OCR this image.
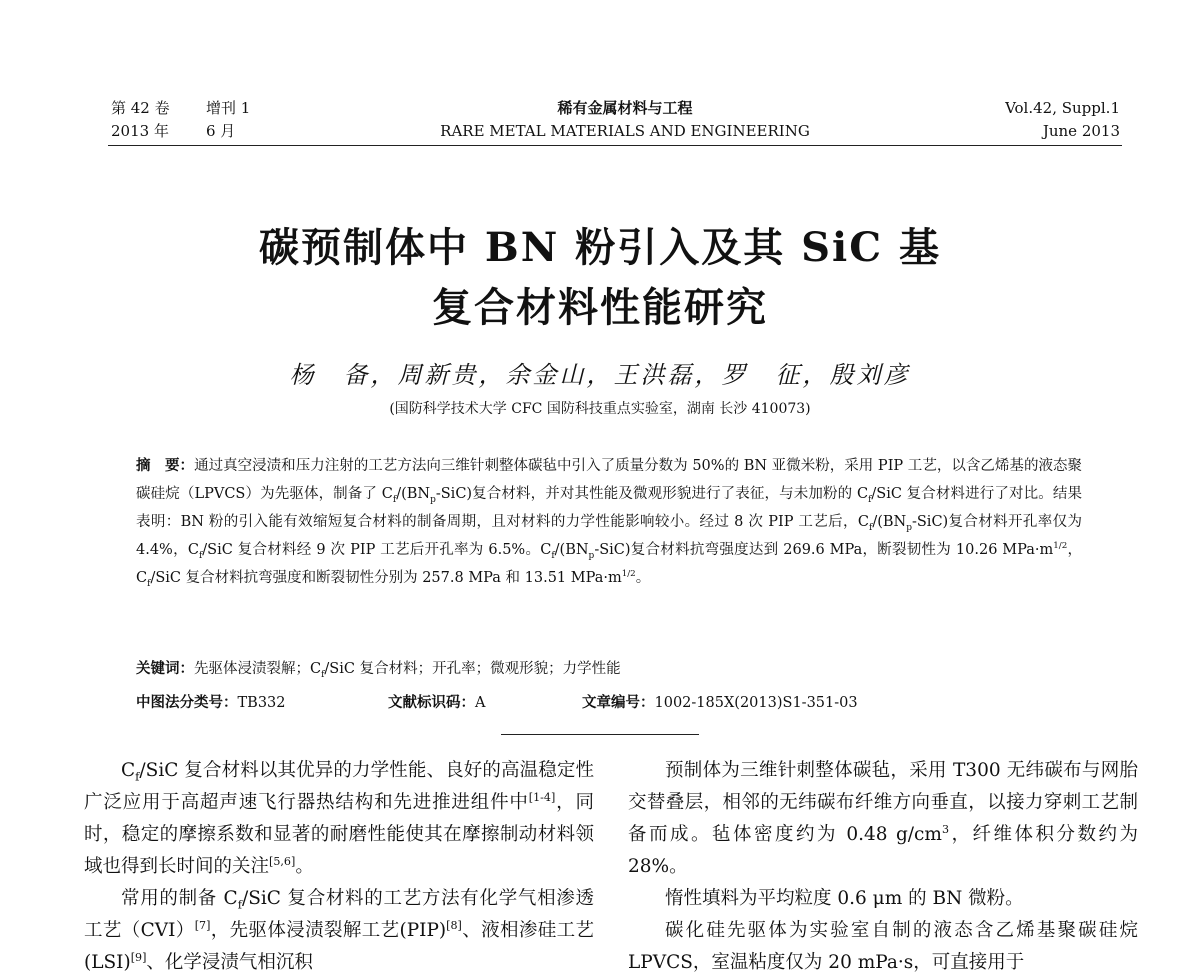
第 42 卷 增刊 1
2013 年 6 月
稀有金属材料与工程
RARE METAL MATERIALS AND ENGINEERING
Vol.42, Suppl.1
June 2013
碳预制体中 BN 粉引入及其 SiC 基
复合材料性能研究
杨　备，周新贵，余金山，王洪磊，罗　征，殷刘彦
(国防科学技术大学 CFC 国防科技重点实验室，湖南 长沙 410073)

摘　要：通过真空浸渍和压力注射的工艺方法向三维针刺整体碳毡中引入了质量分数为 50%的 BN 亚微米粉，采用 PIP 工艺，以含乙烯基的液态聚碳硅烷（LPVCS）为先驱体，制备了 $C_f/(BN_p-SiC)$复合材料，并对其性能及微观形貌进行了表征，与未加粉的 $C_f$/SiC 复合材料进行了对比。结果表明：BN 粉的引入能有效缩短复合材料的制备周期，且对材料的力学性能影响较小。经过 8 次 PIP 工艺后，$C_f/(BN_p-SiC)$复合材料开孔率仅为 4.4%，$C_f$/SiC 复合材料经 9 次 PIP 工艺后开孔率为 6.5%。$C_f/(BN_p-SiC)$复合材料抗弯强度达到 269.6 MPa，断裂韧性为 10.26 $MPa\cdot m^{1/2}$，$C_f$/SiC 复合材料抗弯强度和断裂韧性分别为 257.8 MPa 和 13.51 $MPa\cdot m^{1/2}$。

关键词：先驱体浸渍裂解；$C_f$/SiC 复合材料；开孔率；微观形貌；力学性能

中图法分类号：TB332	文献标识码：A	文章编号：1002-185X(2013)S1-351-03

$C_f$/SiC 复合材料以其优异的力学性能、良好的高温稳定性广泛应用于高超声速飞行器热结构和先进推进组件中[1-4]，同时，稳定的摩擦系数和显著的耐磨性能使其在摩擦制动材料领域也得到长时间的关注[5,6]。

常用的制备 $C_f$/SiC 复合材料的工艺方法有化学气相渗透工艺（CVI）[7]，先驱体浸渍裂解工艺(PIP)[8]、液相渗硅工艺(LSI)[9]、化学浸渍气相沉积

预制体为三维针刺整体碳毡，采用 T300 无纬碳布与网胎交替叠层，相邻的无纬碳布纤维方向垂直，以接力穿刺工艺制备而成。毡体密度约为 0.48 $g/cm^3$，纤维体积分数约为 28%。

惰性填料为平均粒度 0.6 μm 的 BN 微粉。

碳化硅先驱体为实验室自制的液态含乙烯基聚碳硅烷 LPVCS，室温粘度仅为 20 mPa·s，可直接用于
